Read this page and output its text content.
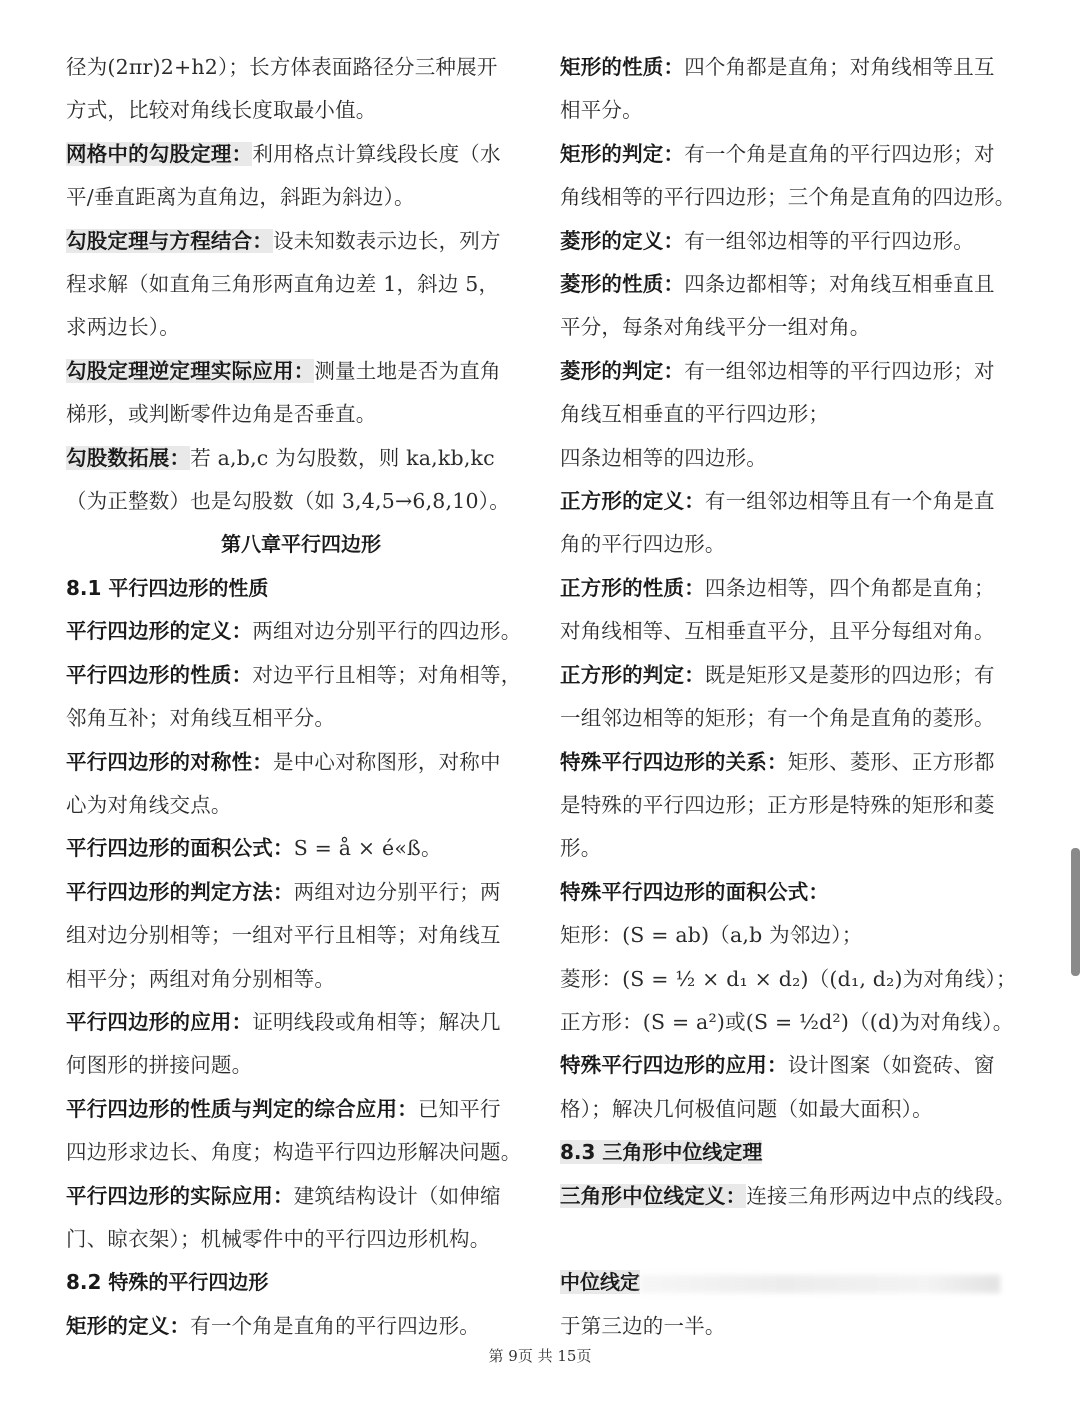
径为(2πr)2+h2）；长方体表面路径分三种展开

方式，比较对角线长度取最小值。

网格中的勾股定理：利用格点计算线段长度（水

平/垂直距离为直角边，斜距为斜边）。

勾股定理与方程结合：设未知数表示边长，列方

程求解（如直角三角形两直角边差 1，斜边 5，

求两边长）。

勾股定理逆定理实际应用：测量土地是否为直角

梯形，或判断零件边角是否垂直。

勾股数拓展：若 a,b,c 为勾股数，则 ka,kb,kc

（为正整数）也是勾股数（如 3,4,5→6,8,10）。

第八章平行四边形

8.1 平行四边形的性质

平行四边形的定义：两组对边分别平行的四边形。

平行四边形的性质：对边平行且相等；对角相等，

邻角互补；对角线互相平分。

平行四边形的对称性：是中心对称图形，对称中

心为对角线交点。

平行四边形的面积公式：S = å × é«ß。

平行四边形的判定方法：两组对边分别平行；两

组对边分别相等；一组对平行且相等；对角线互

相平分；两组对角分别相等。

平行四边形的应用：证明线段或角相等；解决几

何图形的拼接问题。

平行四边形的性质与判定的综合应用：已知平行

四边形求边长、角度；构造平行四边形解决问题。

平行四边形的实际应用：建筑结构设计（如伸缩

门、晾衣架）；机械零件中的平行四边形机构。

8.2 特殊的平行四边形

矩形的定义：有一个角是直角的平行四边形。

矩形的性质：四个角都是直角；对角线相等且互

相平分。

矩形的判定：有一个角是直角的平行四边形；对

角线相等的平行四边形；三个角是直角的四边形。

菱形的定义：有一组邻边相等的平行四边形。

菱形的性质：四条边都相等；对角线互相垂直且

平分，每条对角线平分一组对角。

菱形的判定：有一组邻边相等的平行四边形；对

角线互相垂直的平行四边形；

四条边相等的四边形。

正方形的定义：有一组邻边相等且有一个角是直

角的平行四边形。

正方形的性质：四条边相等，四个角都是直角；

对角线相等、互相垂直平分，且平分每组对角。

正方形的判定：既是矩形又是菱形的四边形；有

一组邻边相等的矩形；有一个角是直角的菱形。

特殊平行四边形的关系：矩形、菱形、正方形都

是特殊的平行四边形；正方形是特殊的矩形和菱

形。

特殊平行四边形的面积公式：

矩形：(S = ab)（a,b 为邻边）；

菱形：(S = ½ × d₁ × d₂)（(d₁, d₂)为对角线）；

正方形：(S = a²)或(S = ½d²)（(d)为对角线）。

特殊平行四边形的应用：设计图案（如瓷砖、窗

格）；解决几何极值问题（如最大面积）。

8.3 三角形中位线定理

三角形中位线定义：连接三角形两边中点的线段。

中位线定

于第三边的一半。

第 9页 共 15页
